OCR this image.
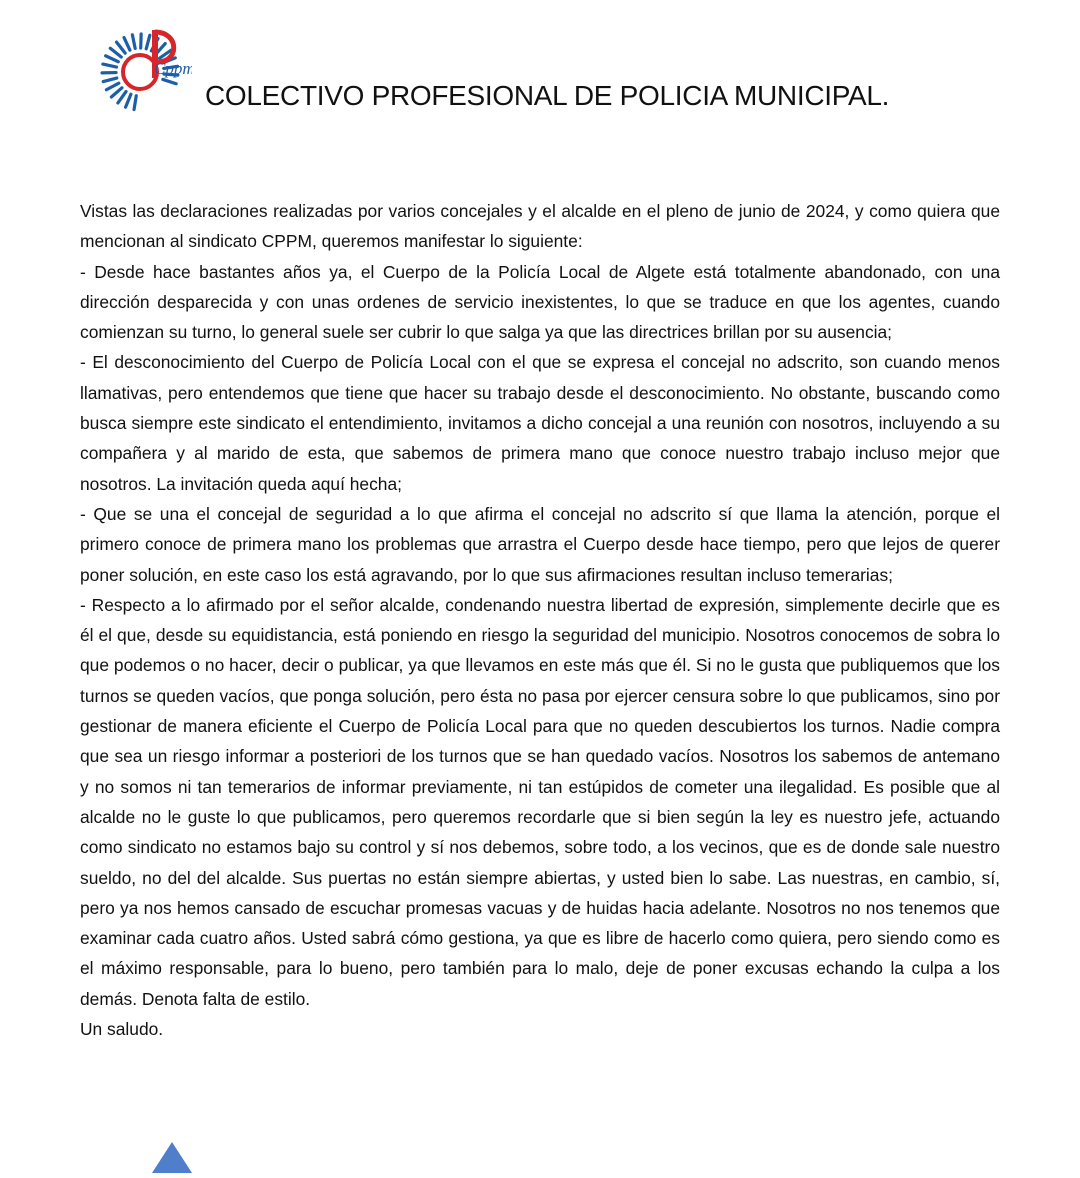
Cppm
COLECTIVO PROFESIONAL DE POLICIA MUNICIPAL.

Vistas las declaraciones realizadas por varios concejales y el alcalde en el pleno de junio de 2024, y como quiera que mencionan al sindicato CPPM, queremos manifestar lo siguiente:

- Desde hace bastantes años ya, el Cuerpo de la Policía Local de Algete está totalmente abandonado, con una dirección desparecida y con unas ordenes de servicio inexistentes, lo que se traduce en que los agentes, cuando comienzan su turno, lo general suele ser cubrir lo que salga ya que las directrices brillan por su ausencia;

- El desconocimiento del Cuerpo de Policía Local con el que se expresa el concejal no adscrito, son cuando menos llamativas, pero entendemos que tiene que hacer su trabajo desde el desconocimiento. No obstante, buscando como busca siempre este sindicato el entendimiento, invitamos a dicho concejal a una reunión con nosotros, incluyendo a su compañera y al marido de esta, que sabemos de primera mano que conoce nuestro trabajo incluso mejor que nosotros. La invitación queda aquí hecha;

- Que se una el concejal de seguridad a lo que afirma el concejal no adscrito sí que llama la atención, porque el primero conoce de primera mano los problemas que arrastra el Cuerpo desde hace tiempo, pero que lejos de querer poner solución, en este caso los está agravando, por lo que sus afirmaciones resultan incluso temerarias;

- Respecto a lo afirmado por el señor alcalde, condenando nuestra libertad de expresión, simplemente decirle que es él el que, desde su equidistancia, está poniendo en riesgo la seguridad del municipio. Nosotros conocemos de sobra lo que podemos o no hacer, decir o publicar, ya que llevamos en este más que él. Si no le gusta que publiquemos que los turnos se queden vacíos, que ponga solución, pero ésta no pasa por ejercer censura sobre lo que publicamos, sino por gestionar de manera eficiente el Cuerpo de Policía Local para que no queden descubiertos los turnos. Nadie compra que sea un riesgo informar a posteriori de los turnos que se han quedado vacíos. Nosotros los sabemos de antemano y no somos ni tan temerarios de informar previamente, ni tan estúpidos de cometer una ilegalidad. Es posible que al alcalde no le guste lo que publicamos, pero queremos recordarle que si bien según la ley es nuestro jefe, actuando como sindicato no estamos bajo su control y sí nos debemos, sobre todo, a los vecinos, que es de donde sale nuestro sueldo, no del del alcalde. Sus puertas no están siempre abiertas, y usted bien lo sabe. Las nuestras, en cambio, sí, pero ya nos hemos cansado de escuchar promesas vacuas y de huidas hacia adelante. Nosotros no nos tenemos que examinar cada cuatro años. Usted sabrá cómo gestiona, ya que es libre de hacerlo como quiera, pero siendo como es el máximo responsable, para lo bueno, pero también para lo malo, deje de poner excusas echando la culpa a los demás. Denota falta de estilo.

Un saludo.
